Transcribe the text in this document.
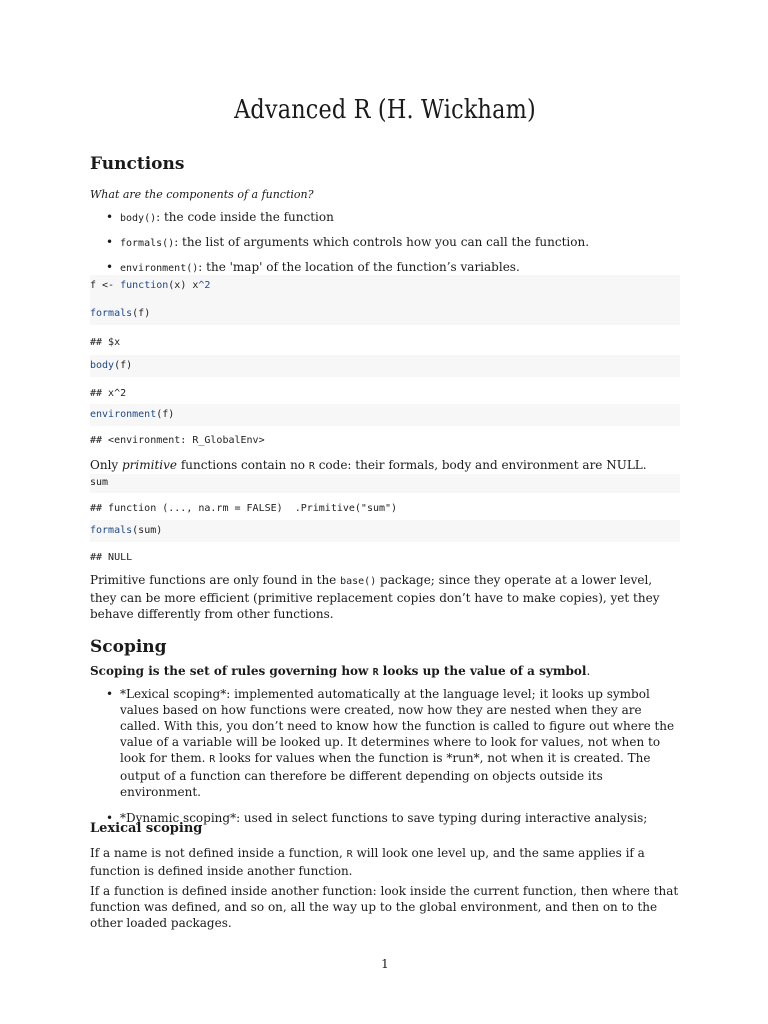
Advanced R (H. Wickham)
Functions

What are the components of a function?

• body(): the code inside the function
• formals(): the list of arguments which controls how you can call the function.
• environment(): the 'map' of the location of the function’s variables.
f <- function(x) x^2

formals(f)
## $x
body(f)
## x^2
environment(f)
## <environment: R_GlobalEnv>

Only primitive functions contain no R code: their formals, body and environment are NULL.

sum
## function (..., na.rm = FALSE)  .Primitive("sum")
formals(sum)
## NULL

Primitive functions are only found in the base() package; since they operate at a lower level, they can be more efficient (primitive replacement copies don’t have to make copies), yet they behave differently from other functions.

Scoping

Scoping is the set of rules governing how R looks up the value of a symbol.

• *Lexical scoping*: implemented automatically at the language level; it looks up symbol values based on how functions were created, now how they are nested when they are called. With this, you don’t need to know how the function is called to figure out where the value of a variable will be looked up. It determines where to look for values, not when to look for them. R looks for values when the function is *run*, not when it is created. The output of a function can therefore be different depending on objects outside its environment.
• *Dynamic scoping*: used in select functions to save typing during interactive analysis;
Lexical scoping

If a name is not defined inside a function, R will look one level up, and the same applies if a function is defined inside another function.

If a function is defined inside another function: look inside the current function, then where that function was defined, and so on, all the way up to the global environment, and then on to the other loaded packages.

1
